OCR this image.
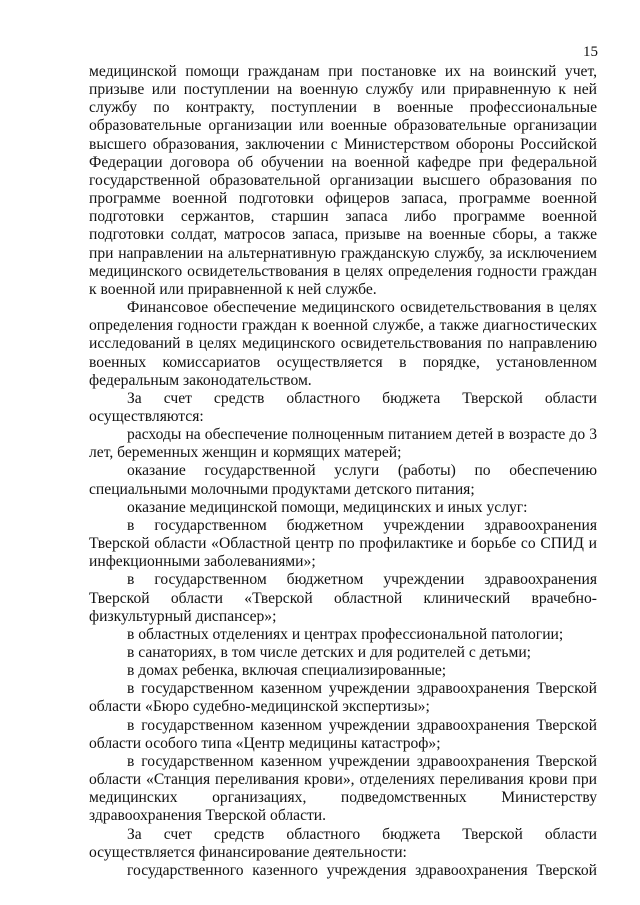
15

медицинской помощи гражданам при постановке их на воинский учет, призыве или поступлении на военную службу или приравненную к ней службу по контракту, поступлении в военные профессиональные образовательные организации или военные образовательные организации высшего образования, заключении с Министерством обороны Российской Федерации договора об обучении на военной кафедре при федеральной государственной образовательной организации высшего образования по программе военной подготовки офицеров запаса, программе военной подготовки сержантов, старшин запаса либо программе военной подготовки солдат, матросов запаса, призыве на военные сборы, а также при направлении на альтернативную гражданскую службу, за исключением медицинского освидетельствования в целях определения годности граждан к военной или приравненной к ней службе.

Финансовое обеспечение медицинского освидетельствования в целях определения годности граждан к военной службе, а также диагностических исследований в целях медицинского освидетельствования по направлению военных комиссариатов осуществляется в порядке, установленном федеральным законодательством.

За счет средств областного бюджета Тверской области осуществляются:

расходы на обеспечение полноценным питанием детей в возрасте до 3 лет, беременных женщин и кормящих матерей;

оказание государственной услуги (работы) по обеспечению специальными молочными продуктами детского питания;

оказание медицинской помощи, медицинских и иных услуг:

в государственном бюджетном учреждении здравоохранения Тверской области «Областной центр по профилактике и борьбе со СПИД и инфекционными заболеваниями»;

в государственном бюджетном учреждении здравоохранения Тверской области «Тверской областной клинический врачебно-физкультурный диспансер»;

в областных отделениях и центрах профессиональной патологии;

в санаториях, в том числе детских и для родителей с детьми;

в домах ребенка, включая специализированные;

в государственном казенном учреждении здравоохранения Тверской области «Бюро судебно-медицинской экспертизы»;

в государственном казенном учреждении здравоохранения Тверской области особого типа «Центр медицины катастроф»;

в государственном казенном учреждении здравоохранения Тверской области «Станция переливания крови», отделениях переливания крови при медицинских организациях, подведомственных Министерству здравоохранения Тверской области.

За счет средств областного бюджета Тверской области осуществляется финансирование деятельности:

государственного казенного учреждения здравоохранения Тверской
